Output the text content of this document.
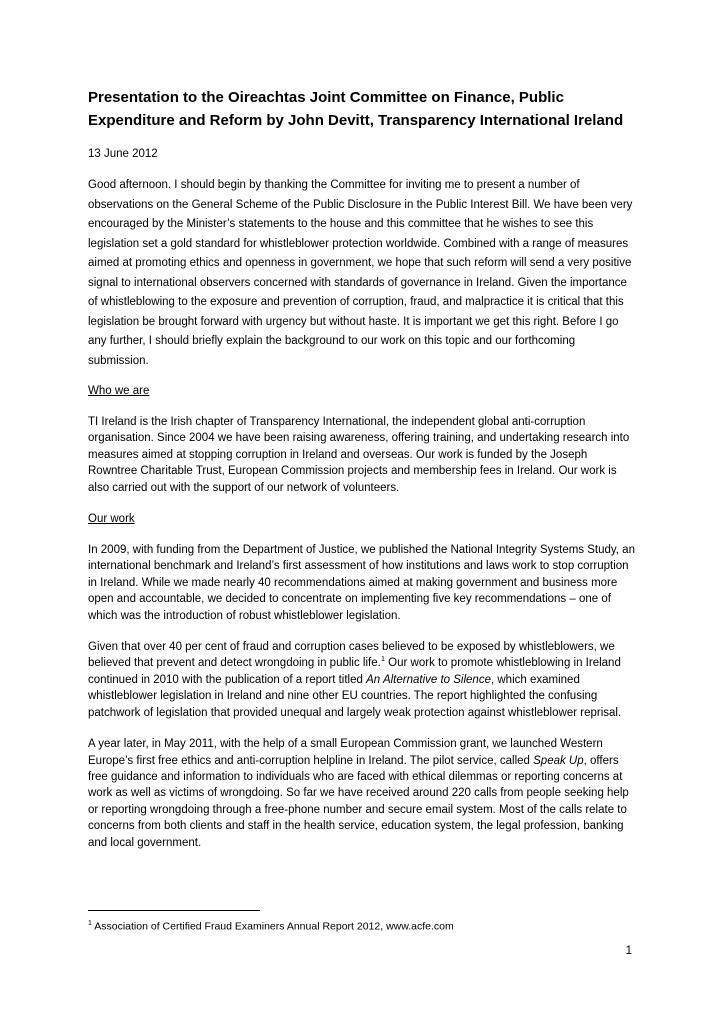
Presentation to the Oireachtas Joint Committee on Finance, Public Expenditure and Reform by John Devitt, Transparency International Ireland

13 June 2012

Good afternoon. I should begin by thanking the Committee for inviting me to present a number of observations on the General Scheme of the Public Disclosure in the Public Interest Bill. We have been very encouraged by the Minister’s statements to the house and this committee that he wishes to see this legislation set a gold standard for whistleblower protection worldwide. Combined with a range of measures aimed at promoting ethics and openness in government, we hope that such reform will send a very positive signal to international observers concerned with standards of governance in Ireland. Given the importance of whistleblowing to the exposure and prevention of corruption, fraud, and malpractice it is critical that this legislation be brought forward with urgency but without haste. It is important we get this right. Before I go any further, I should briefly explain the background to our work on this topic and our forthcoming submission.

Who we are

TI Ireland is the Irish chapter of Transparency International, the independent global anti-corruption organisation. Since 2004 we have been raising awareness, offering training, and undertaking research into measures aimed at stopping corruption in Ireland and overseas. Our work is funded by the Joseph Rowntree Charitable Trust, European Commission projects and membership fees in Ireland. Our work is also carried out with the support of our network of volunteers.

Our work

In 2009, with funding from the Department of Justice, we published the National Integrity Systems Study, an international benchmark and Ireland’s first assessment of how institutions and laws work to stop corruption in Ireland. While we made nearly 40 recommendations aimed at making government and business more open and accountable, we decided to concentrate on implementing five key recommendations – one of which was the introduction of robust whistleblower legislation.

Given that over 40 per cent of fraud and corruption cases believed to be exposed by whistleblowers, we believed that prevent and detect wrongdoing in public life.$^1$ Our work to promote whistleblowing in Ireland continued in 2010 with the publication of a report titled An Alternative to Silence, which examined whistleblower legislation in Ireland and nine other EU countries. The report highlighted the confusing patchwork of legislation that provided unequal and largely weak protection against whistleblower reprisal.

A year later, in May 2011, with the help of a small European Commission grant, we launched Western Europe’s first free ethics and anti-corruption helpline in Ireland. The pilot service, called Speak Up, offers free guidance and information to individuals who are faced with ethical dilemmas or reporting concerns at work as well as victims of wrongdoing. So far we have received around 220 calls from people seeking help or reporting wrongdoing through a free-phone number and secure email system. Most of the calls relate to concerns from both clients and staff in the health service, education system, the legal profession, banking and local government.

$^1$ Association of Certified Fraud Examiners Annual Report 2012, www.acfe.com
1
